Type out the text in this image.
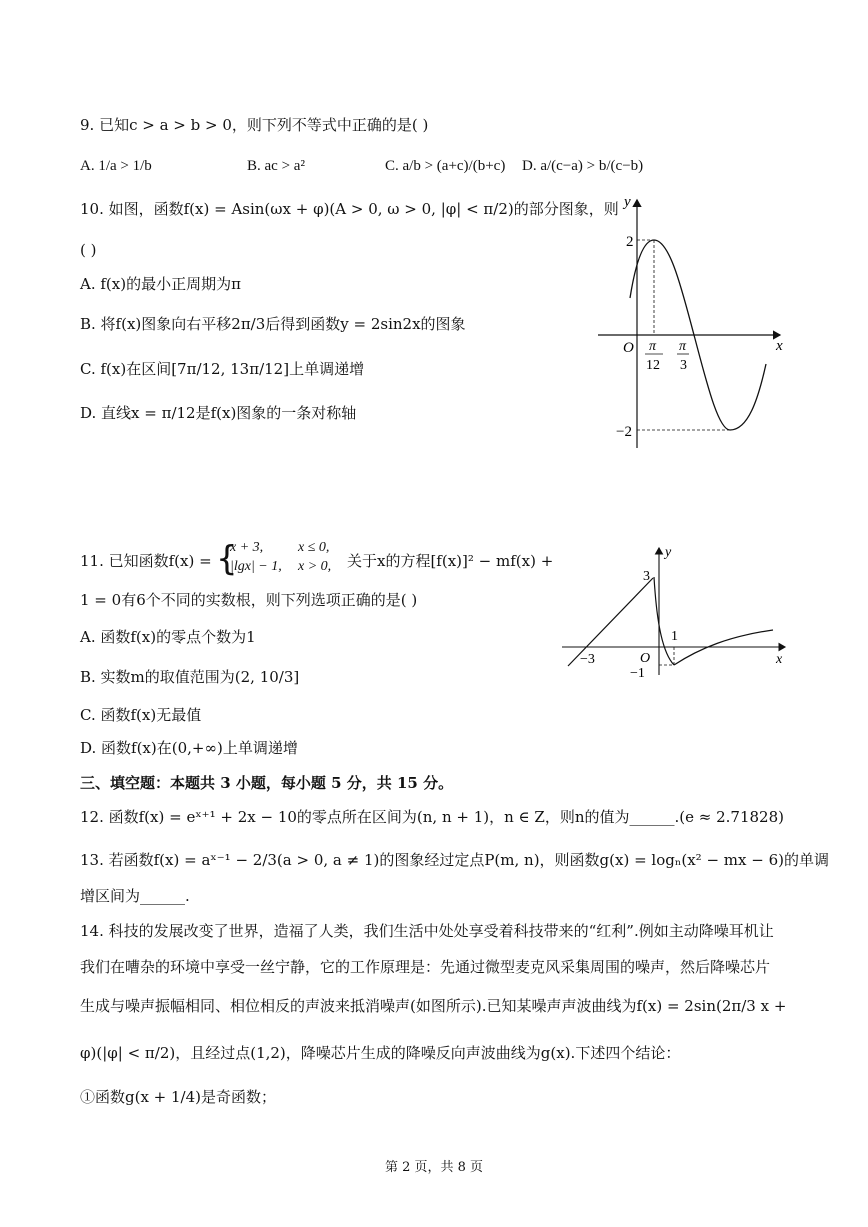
9. 已知c > a > b > 0，则下列不等式中正确的是( )
A. 1/a > 1/b	B. ac > a²	C. a/b > (a+c)/(b+c) D. a/(c−a) > b/(c−b)
10. 如图，函数f(x) = Asin(ωx + φ)(A > 0, ω > 0, |φ| < π/2)的部分图象，则
( )
A. f(x)的最小正周期为π
B. 将f(x)图象向右平移2π/3后得到函数y = 2sin2x的图象
C. f(x)在区间[7π/12, 13π/12]上单调递增
D. 直线x = π/12是f(x)图象的一条对称轴
y
x
O
2
−2
π
12
π
3
11. 已知函数f(x) = {
x + 3, x ≤ 0,
|lgx| − 1, x > 0, 关于x的方程[f(x)]² − mf(x) +
1 = 0有6个不同的实数根，则下列选项正确的是( )
A. 函数f(x)的零点个数为1
B. 实数m的取值范围为(2, 10/3]
C. 函数f(x)无最值
D. 函数f(x)在(0,+∞)上单调递增
y
x
O
3
−3
1
−1
三、填空题：本题共 3 小题，每小题 5 分，共 15 分。
12. 函数f(x) = eˣ⁺¹ + 2x − 10的零点所在区间为(n, n + 1)，n ∈ Z，则n的值为______.(e ≈ 2.71828)
13. 若函数f(x) = aˣ⁻¹ − 2/3(a > 0, a ≠ 1)的图象经过定点P(m, n)，则函数g(x) = logₙ(x² − mx − 6)的单调
增区间为______.
14. 科技的发展改变了世界，造福了人类，我们生活中处处享受着科技带来的“红利”.例如主动降噪耳机让
我们在嘈杂的环境中享受一丝宁静，它的工作原理是：先通过微型麦克风采集周围的噪声，然后降噪芯片
生成与噪声振幅相同、相位相反的声波来抵消噪声(如图所示).已知某噪声声波曲线为f(x) = 2sin(2π/3 x +
φ)(|φ| < π/2)，且经过点(1,2)，降噪芯片生成的降噪反向声波曲线为g(x).下述四个结论：
①函数g(x + 1/4)是奇函数；
第 2 页，共 8 页
